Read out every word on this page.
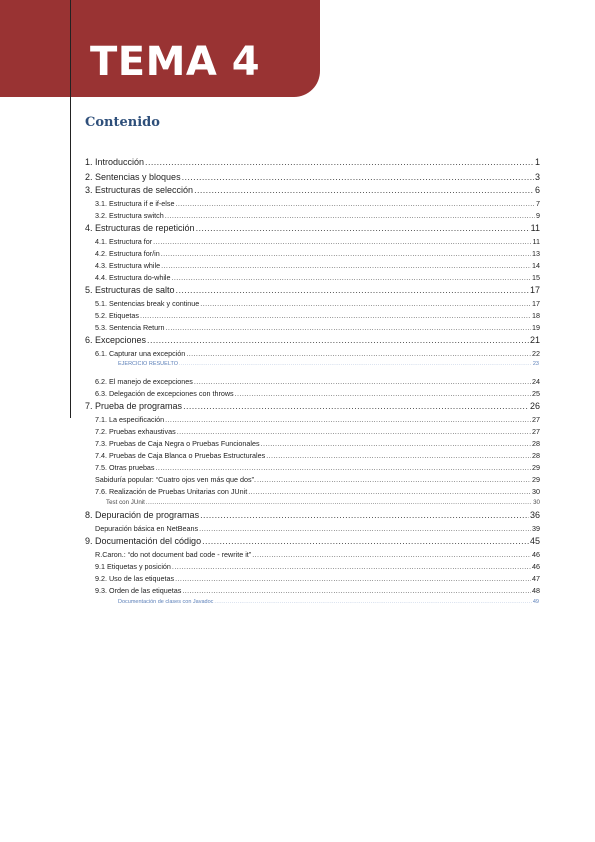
TEMA 4
Contenido
1. Introducción .....	1
2. Sentencias y bloques .....	3
3. Estructuras de selección .....	6
3.1. Estructura if e if-else .....	7
3.2. Estructura switch .....	9
4. Estructuras de repetición .....	11
4.1. Estructura for .....	11
4.2. Estructura for/in .....	13
4.3. Estructura while .....	14
4.4. Estructura do-while .....	15
5. Estructuras de salto .....	17
5.1. Sentencias break y continue .....	17
5.2. Etiquetas .....	18
5.3. Sentencia Return .....	19
6. Excepciones .....	21
6.1. Capturar una excepción .....	22
EJERCICIO RESUELTO .....	23
6.2. El manejo de excepciones .....	24
6.3. Delegación de excepciones con throws .....	25
7. Prueba de programas .....	26
7.1. La especificación .....	27
7.2. Pruebas exhaustivas .....	27
7.3. Pruebas de Caja Negra o Pruebas Funcionales .....	28
7.4. Pruebas de Caja Blanca o Pruebas Estructurales .....	28
7.5. Otras pruebas .....	29
Sabiduría popular: “Cuatro ojos ven más que dos”. .....	29
7.6. Realización de Pruebas Unitarias con JUnit .....	30
Test con JUnit .....	30
8. Depuración de programas .....	36
Depuración básica en NetBeans .....	39
9. Documentación del código .....	45
R.Caron.: “do not document bad code - rewrite it” .....	46
9.1 Etiquetas y posición .....	46
9.2. Uso de las etiquetas .....	47
9.3. Orden de las etiquetas .....	48
Documentación de clases con Javadoc .....	49
